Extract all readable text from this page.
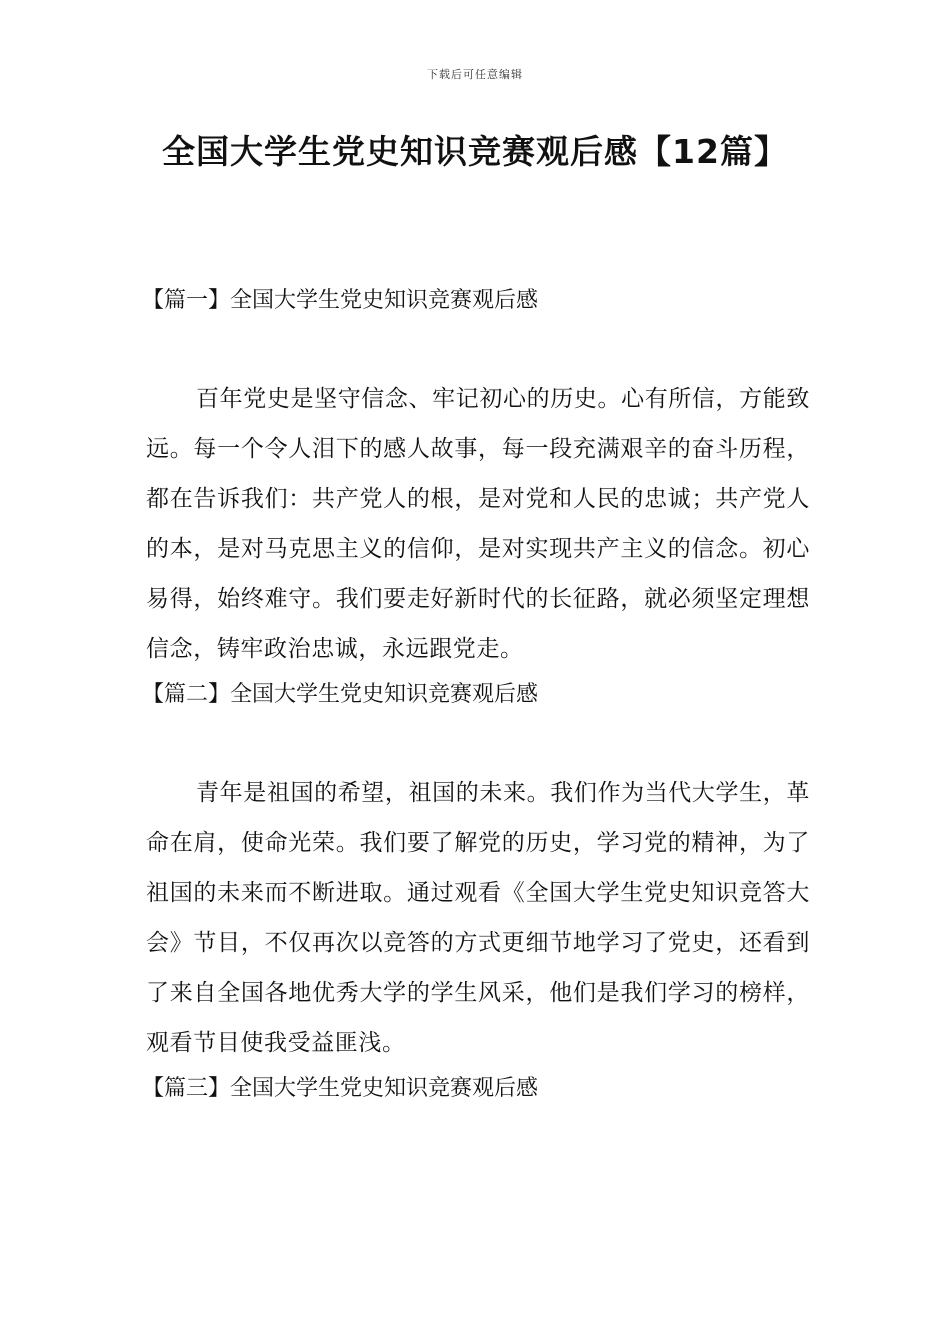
下载后可任意编辑
全国大学生党史知识竞赛观后感【12篇】
【篇一】全国大学生党史知识竞赛观后感

百年党史是坚守信念、牢记初心的历史。心有所信，方能致远。每一个令人泪下的感人故事，每一段充满艰辛的奋斗历程，都在告诉我们：共产党人的根，是对党和人民的忠诚；共产党人的本，是对马克思主义的信仰，是对实现共产主义的信念。初心易得，始终难守。我们要走好新时代的长征路，就必须坚定理想信念，铸牢政治忠诚，永远跟党走。

【篇二】全国大学生党史知识竞赛观后感

青年是祖国的希望，祖国的未来。我们作为当代大学生，革命在肩，使命光荣。我们要了解党的历史，学习党的精神，为了祖国的未来而不断进取。通过观看《全国大学生党史知识竞答大会》节目，不仅再次以竞答的方式更细节地学习了党史，还看到了来自全国各地优秀大学的学生风采，他们是我们学习的榜样，观看节目使我受益匪浅。

【篇三】全国大学生党史知识竞赛观后感
